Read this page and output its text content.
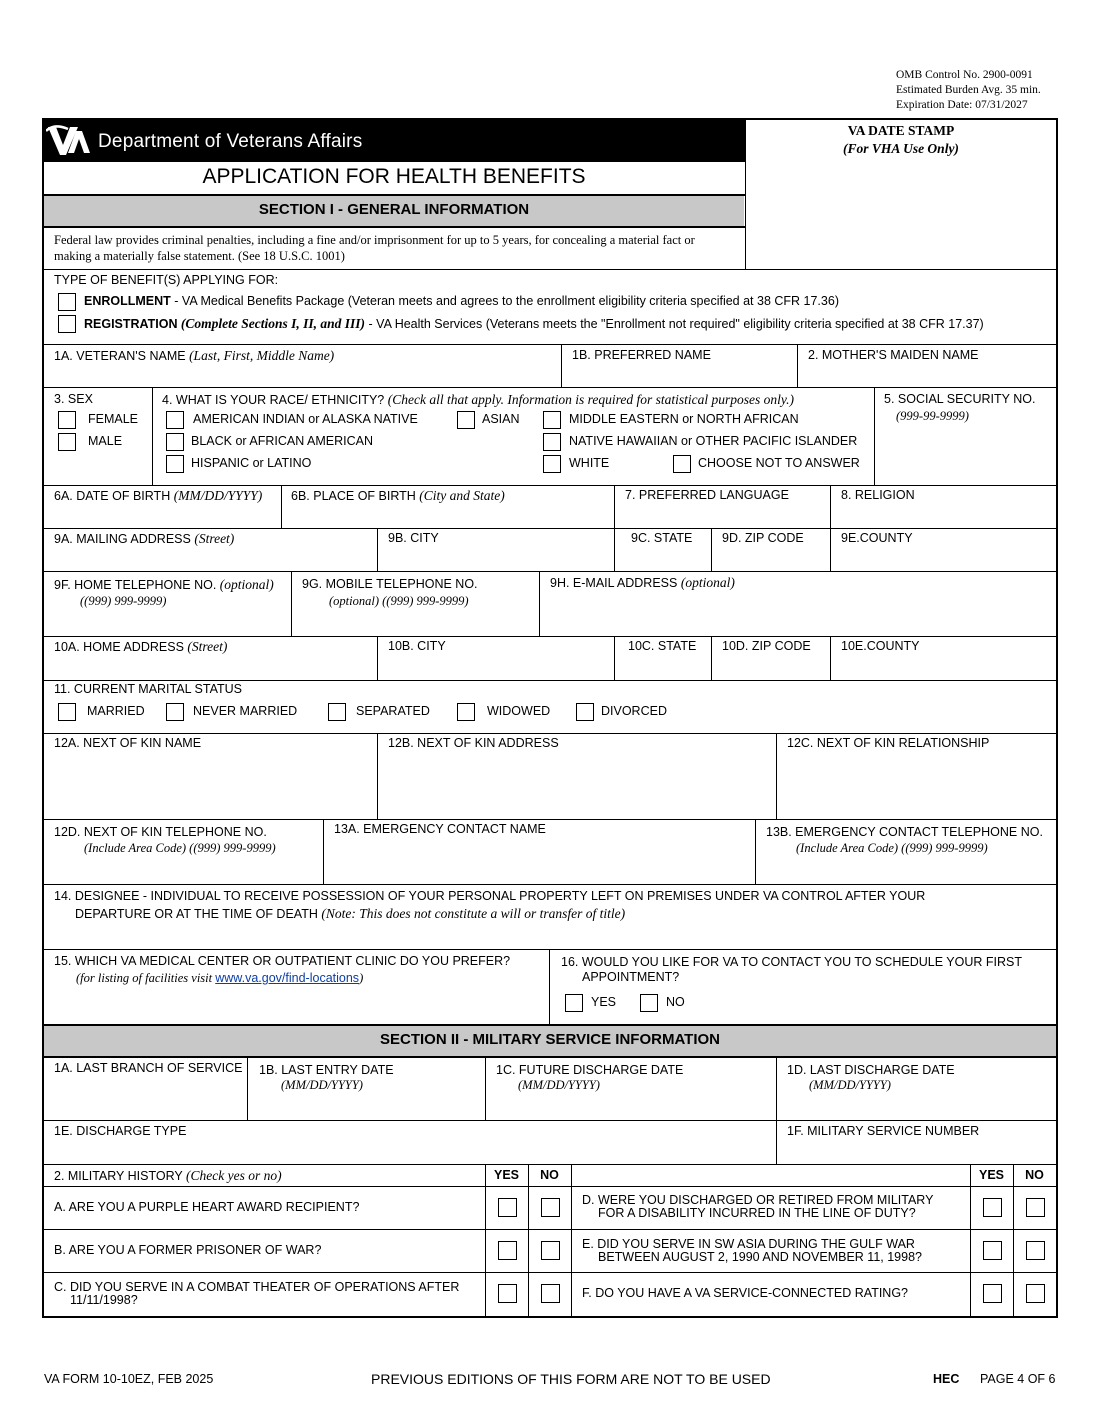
OMB Control No. 2900-0091
Estimated Burden Avg. 35 min.
Expiration Date: 07/31/2027
Department of Veterans Affairs
APPLICATION FOR HEALTH BENEFITS
VA DATE STAMP
(For VHA Use Only)
SECTION I - GENERAL INFORMATION
Federal law provides criminal penalties, including a fine and/or imprisonment for up to 5 years, for concealing a material fact or making a materially false statement. (See 18 U.S.C. 1001)
TYPE OF BENEFIT(S) APPLYING FOR:
ENROLLMENT - VA Medical Benefits Package (Veteran meets and agrees to the enrollment eligibility criteria specified at 38 CFR 17.36)
REGISTRATION (Complete Sections I, II, and III) - VA Health Services (Veterans meets the "Enrollment not required" eligibility criteria specified at 38 CFR 17.37)
1A. VETERAN'S NAME (Last, First, Middle Name)	1B. PREFERRED NAME	2. MOTHER'S MAIDEN NAME
3. SEX
FEMALE
MALE
4. WHAT IS YOUR RACE/ ETHNICITY? (Check all that apply. Information is required for statistical purposes only.)
AMERICAN INDIAN or ALASKA NATIVE	ASIAN	MIDDLE EASTERN or NORTH AFRICAN
BLACK or AFRICAN AMERICAN	NATIVE HAWAIIAN or OTHER PACIFIC ISLANDER
HISPANIC or LATINO	WHITE	CHOOSE NOT TO ANSWER
5. SOCIAL SECURITY NO.
(999-99-9999)
6A. DATE OF BIRTH (MM/DD/YYYY) 6B. PLACE OF BIRTH (City and State)	7. PREFERRED LANGUAGE	8. RELIGION
9A. MAILING ADDRESS (Street)	9B. CITY	9C. STATE 9D. ZIP CODE	9E.COUNTY
9F. HOME TELEPHONE NO. (optional)
((999) 999-9999)
9G. MOBILE TELEPHONE NO.
(optional) ((999) 999-9999)
9H. E-MAIL ADDRESS (optional)
10A. HOME ADDRESS (Street)	10B. CITY	10C. STATE 10D. ZIP CODE 10E.COUNTY
11. CURRENT MARITAL STATUS
MARRIED	NEVER MARRIED	SEPARATED	WIDOWED	DIVORCED
12A. NEXT OF KIN NAME	12B. NEXT OF KIN ADDRESS	12C. NEXT OF KIN RELATIONSHIP
12D. NEXT OF KIN TELEPHONE NO.
(Include Area Code) ((999) 999-9999)
13A. EMERGENCY CONTACT NAME	13B. EMERGENCY CONTACT TELEPHONE NO.
(Include Area Code) ((999) 999-9999)
14. DESIGNEE - INDIVIDUAL TO RECEIVE POSSESSION OF YOUR PERSONAL PROPERTY LEFT ON PREMISES UNDER VA CONTROL AFTER YOUR
DEPARTURE OR AT THE TIME OF DEATH (Note: This does not constitute a will or transfer of title)
15. WHICH VA MEDICAL CENTER OR OUTPATIENT CLINIC DO YOU PREFER?
(for listing of facilities visit www.va.gov/find-locations)
16. WOULD YOU LIKE FOR VA TO CONTACT YOU TO SCHEDULE YOUR FIRST
APPOINTMENT?
YES	NO
SECTION II - MILITARY SERVICE INFORMATION
1A. LAST BRANCH OF SERVICE 1B. LAST ENTRY DATE
(MM/DD/YYYY)
1C. FUTURE DISCHARGE DATE
(MM/DD/YYYY)
1D. LAST DISCHARGE DATE
(MM/DD/YYYY)
1E. DISCHARGE TYPE	1F. MILITARY SERVICE NUMBER
2. MILITARY HISTORY (Check yes or no)	YES	NO	YES	NO
A. ARE YOU A PURPLE HEART AWARD RECIPIENT?	D. WERE YOU DISCHARGED OR RETIRED FROM MILITARY
FOR A DISABILITY INCURRED IN THE LINE OF DUTY?
B. ARE YOU A FORMER PRISONER OF WAR?	E. DID YOU SERVE IN SW ASIA DURING THE GULF WAR
BETWEEN AUGUST 2, 1990 AND NOVEMBER 11, 1998?
C. DID YOU SERVE IN A COMBAT THEATER OF OPERATIONS AFTER
11/11/1998?	F. DO YOU HAVE A VA SERVICE-CONNECTED RATING?
VA FORM 10-10EZ, FEB 2025	PREVIOUS EDITIONS OF THIS FORM ARE NOT TO BE USED	HEC PAGE 4 OF 6
